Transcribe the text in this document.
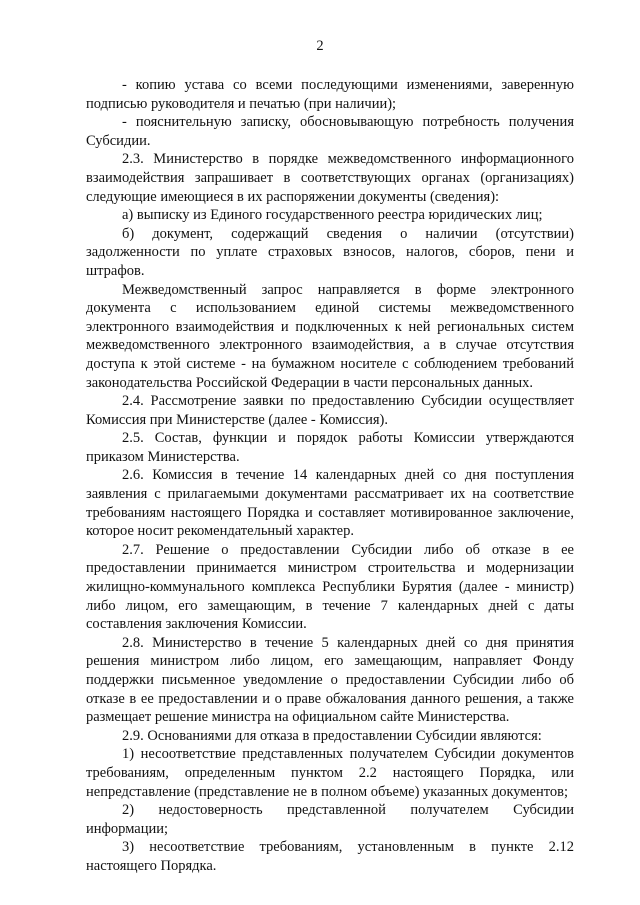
2

- копию устава со всеми последующими изменениями, заверенную подписью руководителя и печатью (при наличии);

- пояснительную записку, обосновывающую потребность получения Субсидии.

2.3. Министерство в порядке межведомственного информационного взаимодействия запрашивает в соответствующих органах (организациях) следующие имеющиеся в их распоряжении документы (сведения):

а) выписку из Единого государственного реестра юридических лиц;

б) документ, содержащий сведения о наличии (отсутствии) задолженности по уплате страховых взносов, налогов, сборов, пени и штрафов.

Межведомственный запрос направляется в форме электронного документа с использованием единой системы межведомственного электронного взаимодействия и подключенных к ней региональных систем межведомственного электронного взаимодействия, а в случае отсутствия доступа к этой системе - на бумажном носителе с соблюдением требований законодательства Российской Федерации в части персональных данных.

2.4. Рассмотрение заявки по предоставлению Субсидии осуществляет Комиссия при Министерстве (далее - Комиссия).

2.5. Состав, функции и порядок работы Комиссии утверждаются приказом Министерства.

2.6. Комиссия в течение 14 календарных дней со дня поступления заявления с прилагаемыми документами рассматривает их на соответствие требованиям настоящего Порядка и составляет мотивированное заключение, которое носит рекомендательный характер.

2.7. Решение о предоставлении Субсидии либо об отказе в ее предоставлении принимается министром строительства и модернизации жилищно-коммунального комплекса Республики Бурятия (далее - министр) либо лицом, его замещающим, в течение 7 календарных дней с даты составления заключения Комиссии.

2.8. Министерство в течение 5 календарных дней со дня принятия решения министром либо лицом, его замещающим, направляет Фонду поддержки письменное уведомление о предоставлении Субсидии либо об отказе в ее предоставлении и о праве обжалования данного решения, а также размещает решение министра на официальном сайте Министерства.

2.9. Основаниями для отказа в предоставлении Субсидии являются:

1) несоответствие представленных получателем Субсидии документов требованиям, определенным пунктом 2.2 настоящего Порядка, или непредставление (представление не в полном объеме) указанных документов;

2) недостоверность представленной получателем Субсидии информации;

3) несоответствие требованиям, установленным в пункте 2.12 настоящего Порядка.
